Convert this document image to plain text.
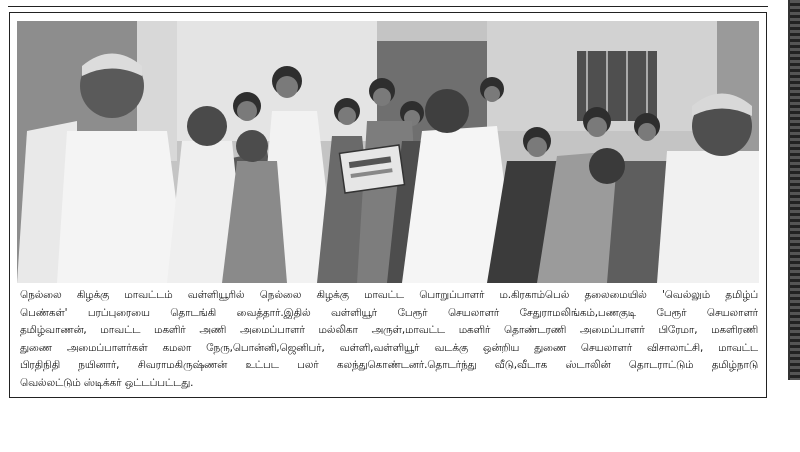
நெல்லை கிழக்கு மாவட்டம் வள்ளியூரில் நெல்லை கிழக்கு மாவட்ட பொறுப்பாளர் ம.கிரகாம்பெல் தலைமையில் 'வெல்லும் தமிழ்ப்
பெண்கள்' பரப்புரையை தொடங்கி வைத்தார்.இதில் வள்ளியூர் பேரூர் செயலாளர் சேதுராமலிங்கம்,பணகுடி பேரூர் செயலாளர்
தமிழ்வாணன், மாவட்ட மகளிர் அணி அமைப்பாளர் மல்லிகா அருள்,மாவட்ட மகளிர் தொண்டரணி அமைப்பாளர் பிரேமா, மகளிரணி
துணை அமைப்பாளர்கள் கமலா நேரு,பொன்னி,ஜெனிபர், வள்ளி,வள்ளியூர் வடக்கு ஒன்றிய துணை செயலாளர் விசாலாட்சி, மாவட்ட
பிரதிநிதி நயினார், சிவராமகிருஷ்ணன் உட்பட பலர் கலந்துகொண்டனர்.தொடர்ந்து வீடு,வீடாக ஸ்டாலின் தொடராட்டும் தமிழ்நாடு
வெல்லட்டும் ஸ்டிக்கர் ஒட்டப்பட்டது.
